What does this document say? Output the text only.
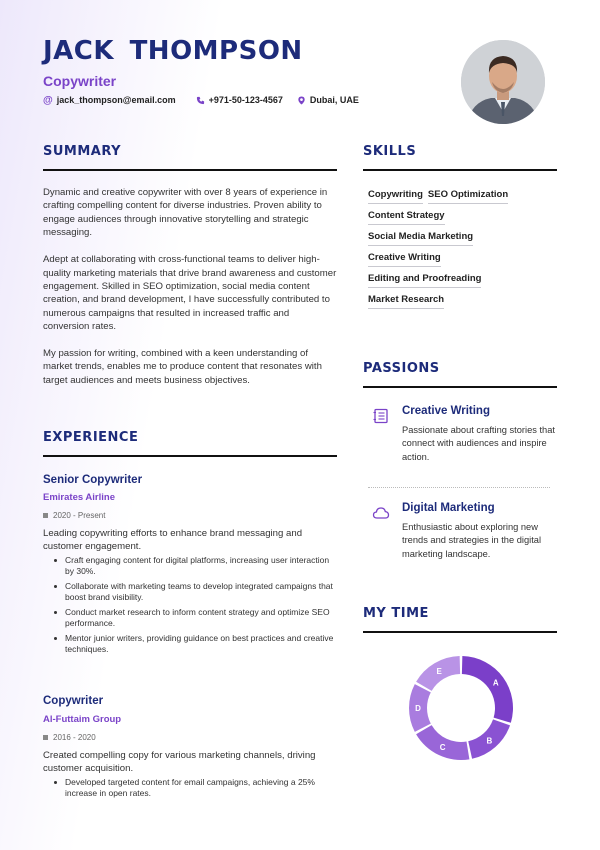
JACK THOMPSON
Copywriter
@ jack_thompson@email.com	+971-50-123-4567	Dubai, UAE
SUMMARY

Dynamic and creative copywriter with over 8 years of experience in crafting compelling content for diverse industries. Proven ability to engage audiences through innovative storytelling and strategic messaging.

Adept at collaborating with cross-functional teams to deliver high-quality marketing materials that drive brand awareness and customer engagement. Skilled in SEO optimization, social media content creation, and brand development, I have successfully contributed to numerous campaigns that resulted in increased traffic and conversion rates.

My passion for writing, combined with a keen understanding of market trends, enables me to produce content that resonates with target audiences and meets business objectives.

EXPERIENCE
Senior Copywriter
Emirates Airline
2020 - Present
Leading copywriting efforts to enhance brand messaging and customer engagement.
Craft engaging content for digital platforms, increasing user interaction by 30%.
Collaborate with marketing teams to develop integrated campaigns that boost brand visibility.
Conduct market research to inform content strategy and optimize SEO performance.
Mentor junior writers, providing guidance on best practices and creative techniques.
Copywriter
Al-Futtaim Group
2016 - 2020
Created compelling copy for various marketing channels, driving customer acquisition.
Developed targeted content for email campaigns, achieving a 25% increase in open rates.
SKILLS
Copywriting SEO Optimization
Content Strategy
Social Media Marketing
Creative Writing
Editing and Proofreading
Market Research
PASSIONS
Creative Writing
Passionate about crafting stories that connect with audiences and inspire action.
Digital Marketing
Enthusiastic about exploring new trends and strategies in the digital marketing landscape.
MY TIME
A
B
C
D
E
